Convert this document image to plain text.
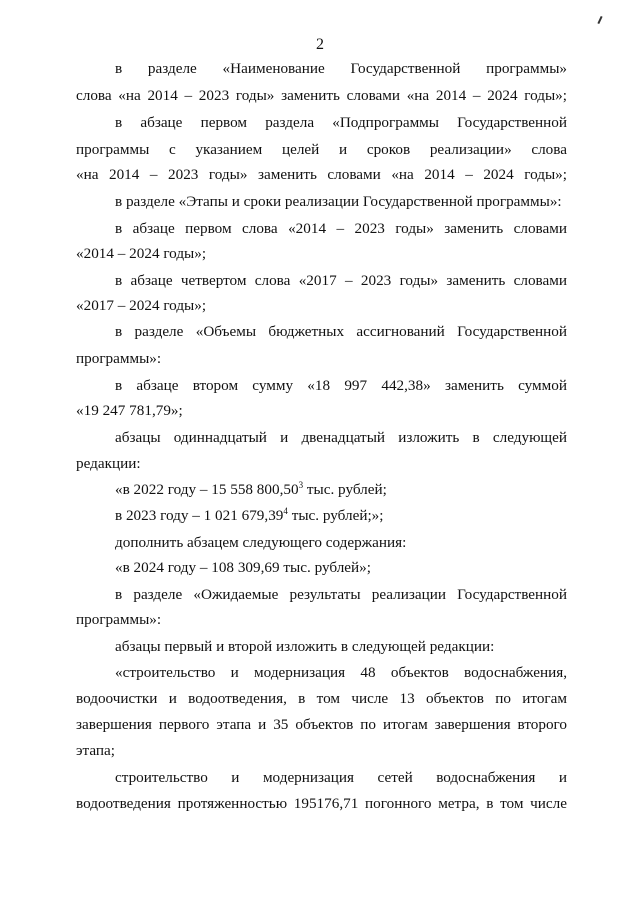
2
в разделе «Наименование Государственной программы»
слова «на 2014 – 2023 годы» заменить словами «на 2014 – 2024 годы»;
в абзаце первом раздела «Подпрограммы Государственной
программы с указанием целей и сроков реализации» слова
«на 2014 – 2023 годы» заменить словами «на 2014 – 2024 годы»;
в разделе «Этапы и сроки реализации Государственной программы»:
в абзаце первом слова «2014 – 2023 годы» заменить словами
«2014 – 2024 годы»;
в абзаце четвертом слова «2017 – 2023 годы» заменить словами
«2017 – 2024 годы»;
в разделе «Объемы бюджетных ассигнований Государственной
программы»:
в абзаце втором сумму «18 997 442,38» заменить суммой
«19 247 781,79»;
абзацы одиннадцатый и двенадцатый изложить в следующей
редакции:
«в 2022 году – 15 558 800,50$^3$ тыс. рублей;
в 2023 году – 1 021 679,39$^4$ тыс. рублей;»;
дополнить абзацем следующего содержания:
«в 2024 году – 108 309,69 тыс. рублей»;
в разделе «Ожидаемые результаты реализации Государственной
программы»:
абзацы первый и второй изложить в следующей редакции:
«строительство и модернизация 48 объектов водоснабжения,
водоочистки и водоотведения, в том числе 13 объектов по итогам
завершения первого этапа и 35 объектов по итогам завершения второго
этапа;
строительство и модернизация сетей водоснабжения и
водоотведения протяженностью 195176,71 погонного метра, в том числе
